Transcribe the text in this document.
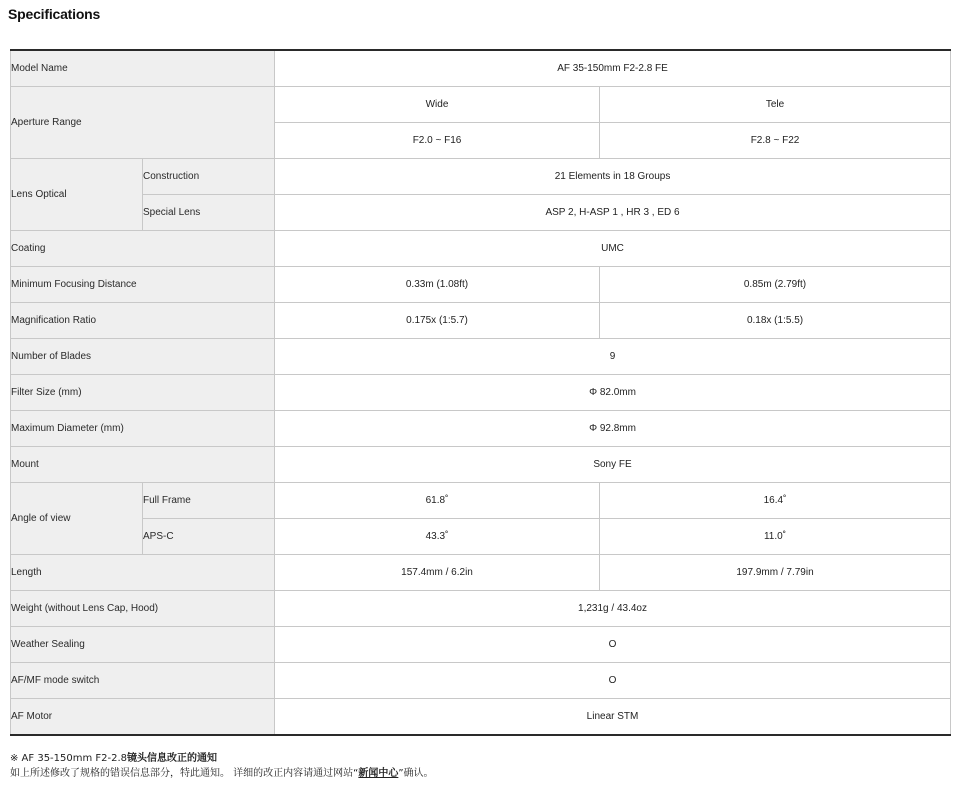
Specifications
Model Name		AF 35-150mm F2-2.8 FE	
Aperture Range		Wide	Tele
		F2.0 ~ F16	F2.8 ~ F22
Lens Optical	Construction	21 Elements in 18 Groups	
	Special Lens	ASP 2, H-ASP 1 , HR 3 , ED 6	
Coating		UMC	
Minimum Focusing Distance		0.33m (1.08ft)	0.85m (2.79ft)
Magnification Ratio		0.175x (1:5.7)	0.18x (1:5.5)
Number of Blades		9	
Filter Size (mm)		Φ 82.0mm	
Maximum Diameter (mm)		Φ 92.8mm	
Mount		Sony FE	
Angle of view	Full Frame	61.8˚	16.4˚
	APS-C	43.3˚	11.0˚
Length		157.4mm / 6.2in	197.9mm / 7.79in
Weight (without Lens Cap, Hood)		1,231g / 43.4oz	
Weather Sealing		O	
AF/MF mode switch		O	
AF Motor		Linear STM	
※ AF 35-150mm F2-2.8镜头信息改正的通知
如上所述修改了规格的错误信息部分，特此通知。 详细的改正内容请通过网站“新闻中心”确认。
